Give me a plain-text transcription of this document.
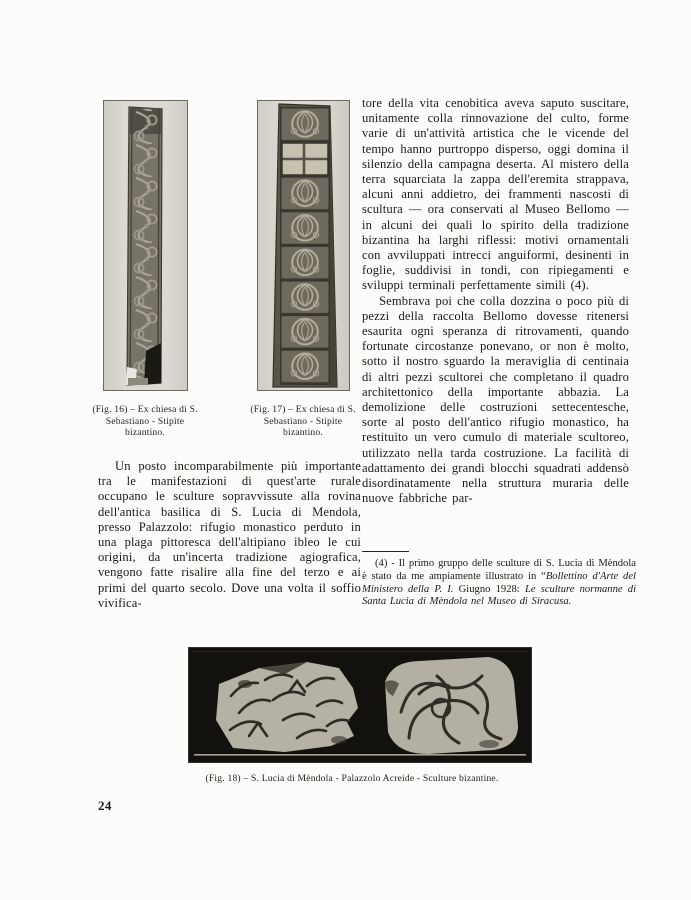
(Fig. 16) – Ex chiesa di S. Sebastiano - Stipite bizantino.
(Fig. 17) – Ex chiesa di S. Sebastiano - Stipite bizantino.

Un posto incomparabilmente più importante tra le manifestazioni di quest'arte rurale occupano le sculture sopravvissute alla rovina dell'antica basilica di S. Lucia di Mendola, presso Palazzolo: rifugio monastico perduto in una plaga pittoresca dell'altipiano ibleo le cui origini, da un'incerta tradizione agiografica, vengono fatte risalire alla fine del terzo e ai primi del quarto secolo. Dove una volta il soffio vivifica-

tore della vita cenobitica aveva saputo suscitare, unitamente colla rinnovazione del culto, forme varie di un'attività artistica che le vicende del tempo hanno purtroppo disperso, oggi domina il silenzio della campagna deserta. Al mistero della terra squarciata la zappa dell'eremita strappava, alcuni anni addietro, dei frammenti nascosti di scultura — ora conservati al Museo Bellomo — in alcuni dei quali lo spirito della tradizione bizantina ha larghi riflessi: motivi ornamentali con avviluppati intrecci anguiformi, desinenti in foglie, suddivisi in tondi, con ripiegamenti e sviluppi terminali perfettamente simili (4).

Sembrava poi che colla dozzina o poco più di pezzi della raccolta Bellomo dovesse ritenersi esaurita ogni speranza di ritrovamenti, quando fortunate circostanze ponevano, or non è molto, sotto il nostro sguardo la meraviglia di centinaia di altri pezzi scultorei che completano il quadro architettonico della importante abbazia. La demolizione delle costruzioni settecentesche, sorte al posto dell'antico rifugio monastico, ha restituito un vero cumulo di materiale scultoreo, utilizzato nella tarda costruzione. La facilità di adattamento dei grandi blocchi squadrati addensò disordinatamente nella struttura muraria delle nuove fabbriche par-

(4) - Il primo gruppo delle sculture di S. Lucia di Mèndola è stato da me ampiamente illustrato in “Bollettino d'Arte del Ministero della P. I. Giugno 1928: Le sculture normanne di Santa Lucia di Mèndola nel Museo di Siracusa.

(Fig. 18) – S. Lucia di Mèndola - Palazzolo Acreide - Sculture bizantine.
24
